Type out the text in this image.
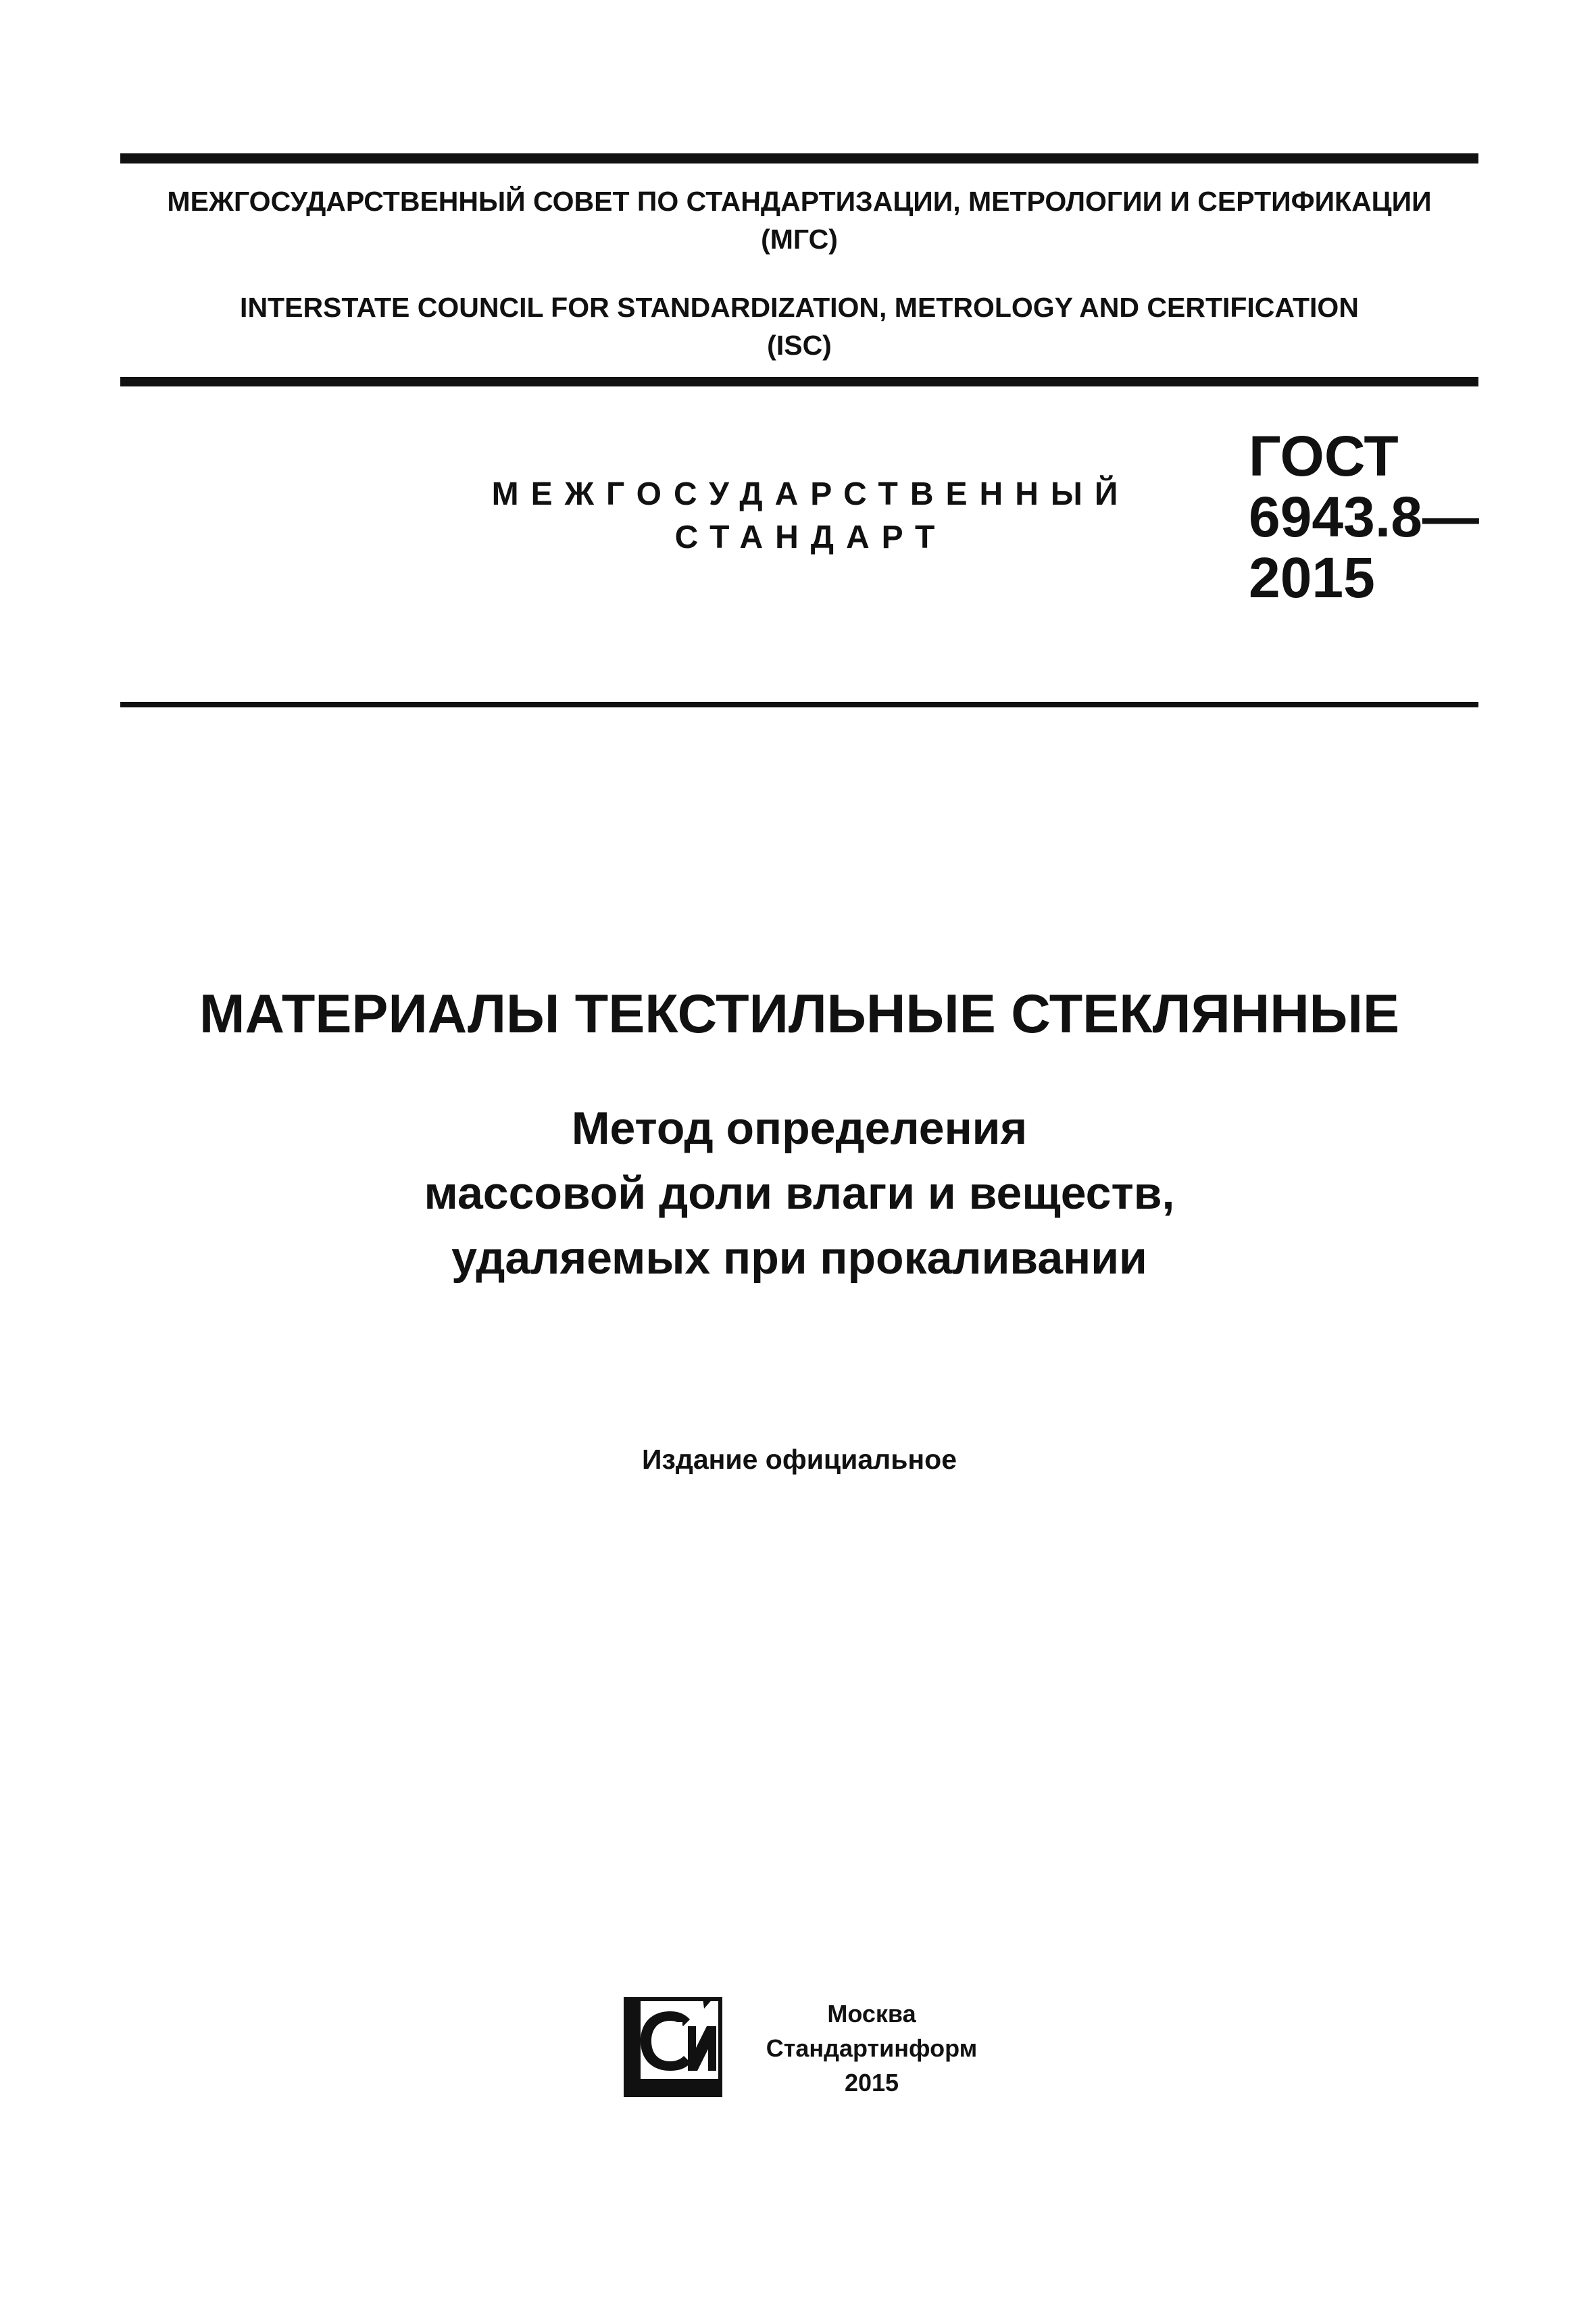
МЕЖГОСУДАРСТВЕННЫЙ СОВЕТ ПО СТАНДАРТИЗАЦИИ, МЕТРОЛОГИИ И СЕРТИФИКАЦИИ
(МГС)
INTERSTATE COUNCIL FOR STANDARDIZATION, METROLOGY AND CERTIFICATION
(ISC)
МЕЖГОСУДАРСТВЕННЫЙ
СТАНДАРТ
ГОСТ
6943.8—
2015
МАТЕРИАЛЫ ТЕКСТИЛЬНЫЕ СТЕКЛЯННЫЕ
Метод определения
массовой доли влаги и веществ,
удаляемых при прокаливании
Издание официальное
Москва
Стандартинформ
2015
